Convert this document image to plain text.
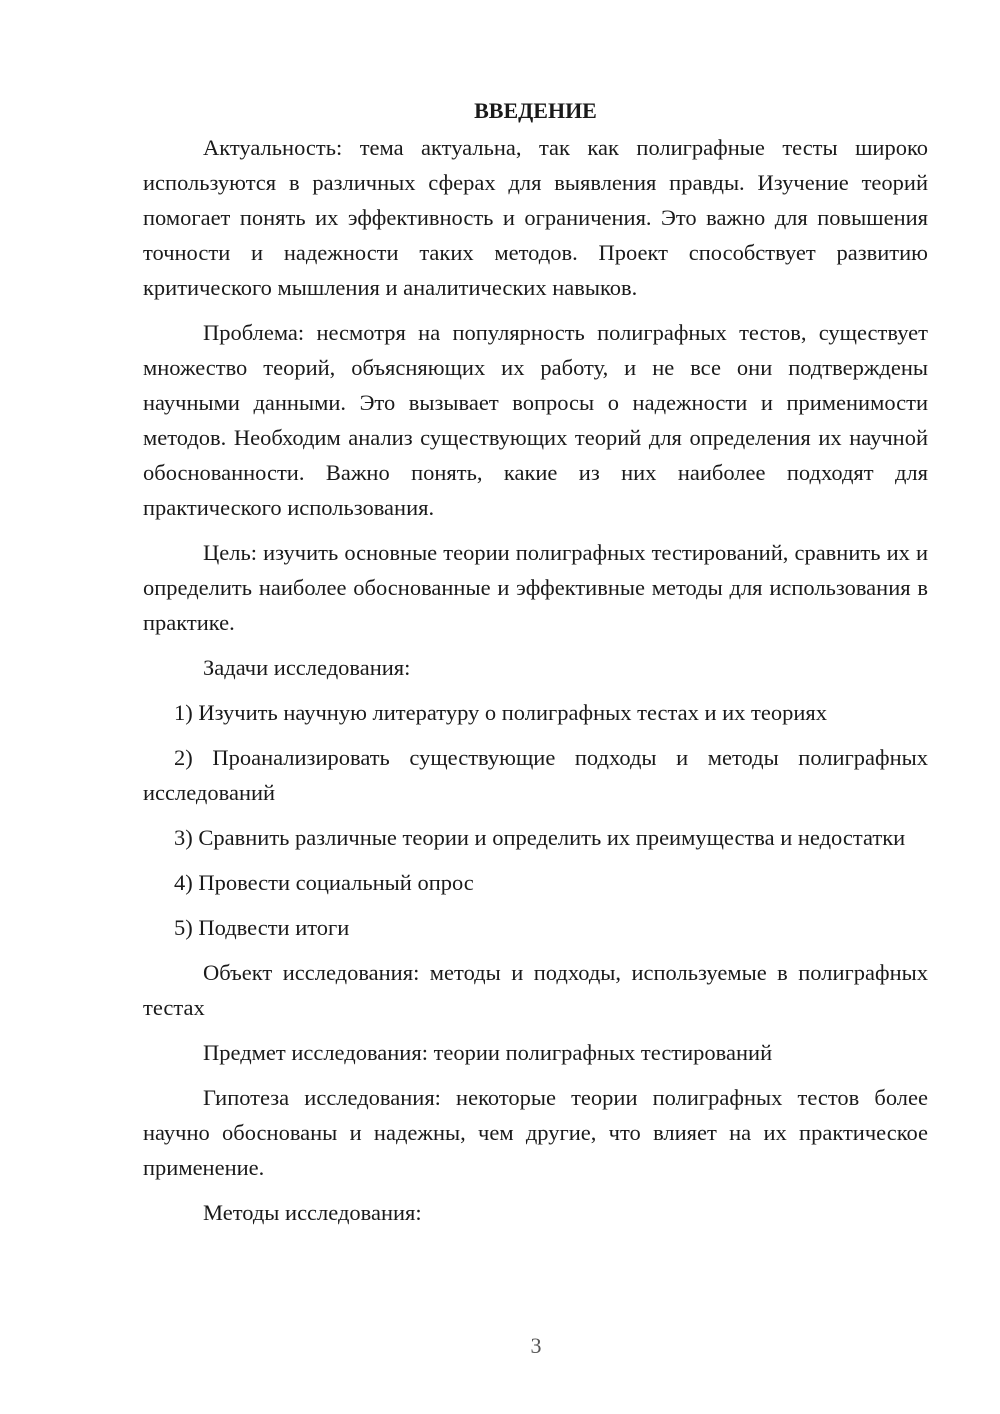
ВВЕДЕНИЕ

Актуальность: тема актуальна, так как полиграфные тесты широко используются в различных сферах для выявления правды. Изучение теорий помогает понять их эффективность и ограничения. Это важно для повышения точности и надежности таких методов. Проект способствует развитию критического мышления и аналитических навыков.

Проблема: несмотря на популярность полиграфных тестов, существует множество теорий, объясняющих их работу, и не все они подтверждены научными данными. Это вызывает вопросы о надежности и применимости методов. Необходим анализ существующих теорий для определения их научной обоснованности. Важно понять, какие из них наиболее подходят для практического использования.

Цель: изучить основные теории полиграфных тестирований, сравнить их и определить наиболее обоснованные и эффективные методы для использования в практике.

Задачи исследования:

1) Изучить научную литературу о полиграфных тестах и их теориях

2) Проанализировать существующие подходы и методы полиграфных исследований

3) Сравнить различные теории и определить их преимущества и недостатки

4) Провести социальный опрос

5) Подвести итоги

Объект исследования: методы и подходы, используемые в полиграфных тестах

Предмет исследования: теории полиграфных тестирований

Гипотеза исследования: некоторые теории полиграфных тестов более научно обоснованы и надежны, чем другие, что влияет на их практическое применение.

Методы исследования:

3
